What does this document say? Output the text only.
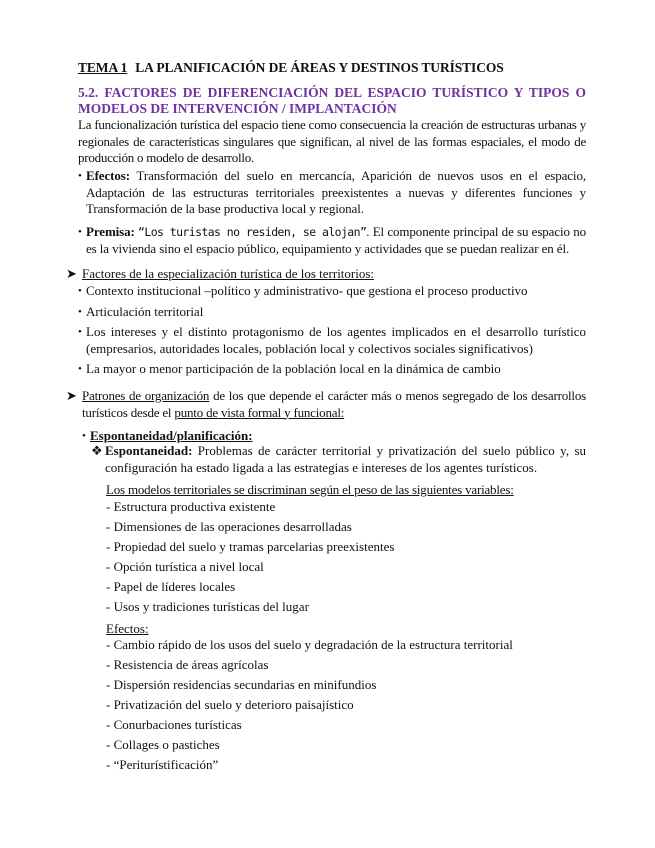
TEMA 1 LA PLANIFICACIÓN DE ÁREAS Y DESTINOS TURÍSTICOS
5.2. FACTORES DE DIFERENCIACIÓN DEL ESPACIO TURÍSTICO Y TIPOS O MODELOS DE INTERVENCIÓN / IMPLANTACIÓN
La funcionalización turística del espacio tiene como consecuencia la creación de estructuras urbanas y regionales de características singulares que significan, al nivel de las formas espaciales, el modo de producción o modelo de desarrollo.
• Efectos: Transformación del suelo en mercancía, Aparición de nuevos usos en el espacio, Adaptación de las estructuras territoriales preexistentes a nuevas y diferentes funciones y Transformación de la base productiva local y regional.
• Premisa: “Los turistas no residen, se alojan”. El componente principal de su espacio no es la vivienda sino el espacio público, equipamiento y actividades que se puedan realizar en él.
➤ Factores de la especialización turística de los territorios:
• Contexto institucional –político y administrativo- que gestiona el proceso productivo
• Articulación territorial
• Los intereses y el distinto protagonismo de los agentes implicados en el desarrollo turístico (empresarios, autoridades locales, población local y colectivos sociales significativos)
• La mayor o menor participación de la población local en la dinámica de cambio
➤ Patrones de organización de los que depende el carácter más o menos segregado de los desarrollos turísticos desde el punto de vista formal y funcional:
• Espontaneidad/planificación:
❖ Espontaneidad: Problemas de carácter territorial y privatización del suelo público y, su configuración ha estado ligada a las estrategias e intereses de los agentes turísticos.
Los modelos territoriales se discriminan según el peso de las siguientes variables:
- Estructura productiva existente
- Dimensiones de las operaciones desarrolladas
- Propiedad del suelo y tramas parcelarias preexistentes
- Opción turística a nivel local
- Papel de líderes locales
- Usos y tradiciones turísticas del lugar
Efectos:
- Cambio rápido de los usos del suelo y degradación de la estructura territorial
- Resistencia de áreas agrícolas
- Dispersión residencias secundarias en minifundios
- Privatización del suelo y deterioro paisajístico
- Conurbaciones turísticas
- Collages o pastiches
- “Periturístificación”
